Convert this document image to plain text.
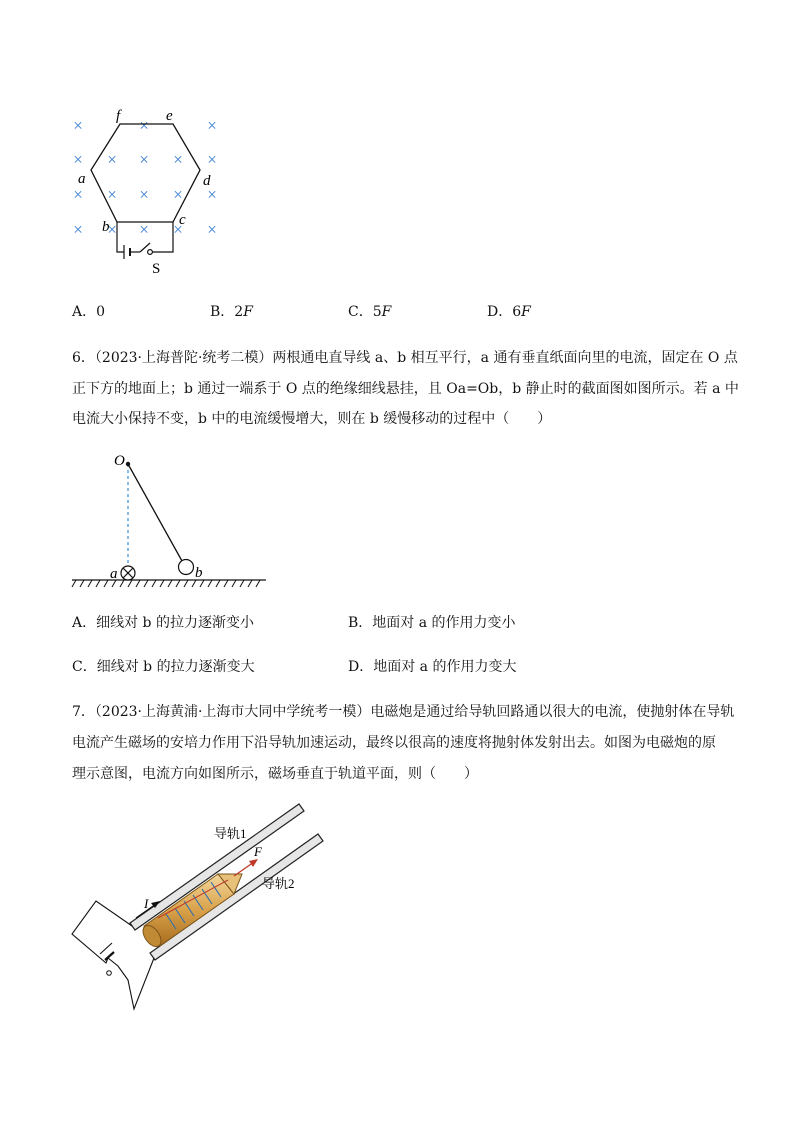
×	×	×
× × × × ×
× × × ×
×
× × × × ×
f	e
a	d
b	c
S
A．0	B．2F	C．5F	D．6F
6．（2023·上海普陀·统考二模）两根通电直导线 a、b 相互平行，a 通有垂直纸面向里的电流，固定在 O 点
正下方的地面上；b 通过一端系于 O 点的绝缘细线悬挂，且 Oa=Ob，b 静止时的截面图如图所示。若 a 中
电流大小保持不变，b 中的电流缓慢增大，则在 b 缓慢移动的过程中（　　）
O
a	b
A．细线对 b 的拉力逐渐变小	B．地面对 a 的作用力变小
C．细线对 b 的拉力逐渐变大	D．地面对 a 的作用力变大
7．（2023·上海黄浦·上海市大同中学统考一模）电磁炮是通过给导轨回路通以很大的电流，使抛射体在导轨
电流产生磁场的安培力作用下沿导轨加速运动，最终以很高的速度将抛射体发射出去。如图为电磁炮的原
理示意图，电流方向如图所示，磁场垂直于轨道平面，则（　　）
导轨1
导轨2
F
I
